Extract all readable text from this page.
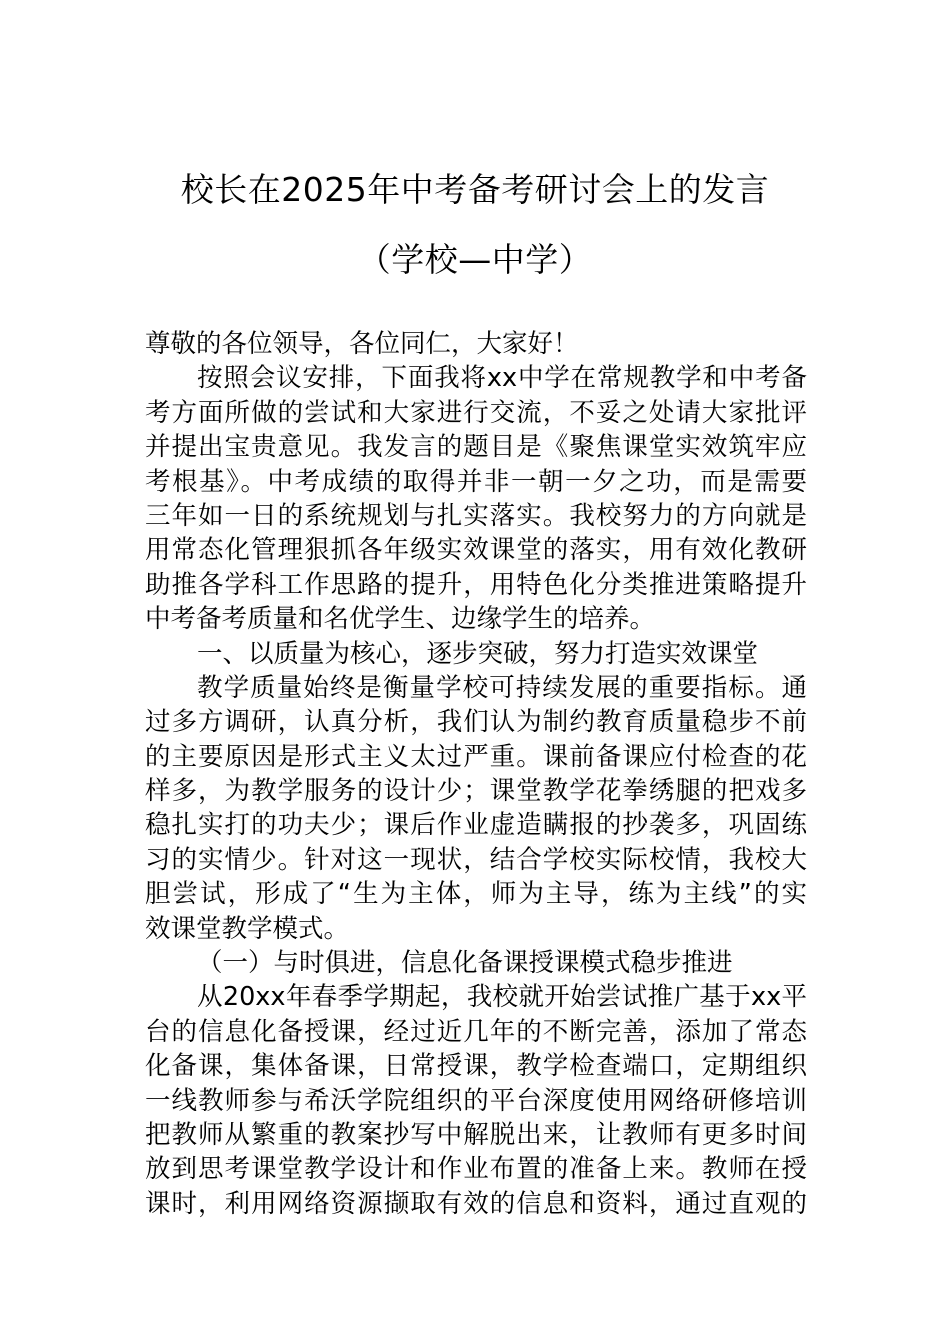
校长在2025年中考备考研讨会上的发言
（学校—中学）
尊敬的各位领导，各位同仁，大家好！
按照会议安排，下面我将xx中学在常规教学和中考备
考方面所做的尝试和大家进行交流，不妥之处请大家批评
并提出宝贵意见。我发言的题目是《聚焦课堂实效筑牢应
考根基》。中考成绩的取得并非一朝一夕之功，而是需要
三年如一日的系统规划与扎实落实。我校努力的方向就是
用常态化管理狠抓各年级实效课堂的落实，用有效化教研
助推各学科工作思路的提升，用特色化分类推进策略提升
中考备考质量和名优学生、边缘学生的培养。
一、以质量为核心，逐步突破，努力打造实效课堂
教学质量始终是衡量学校可持续发展的重要指标。通
过多方调研，认真分析，我们认为制约教育质量稳步不前
的主要原因是形式主义太过严重。课前备课应付检查的花
样多，为教学服务的设计少；课堂教学花拳绣腿的把戏多
稳扎实打的功夫少；课后作业虚造瞒报的抄袭多，巩固练
习的实情少。针对这一现状，结合学校实际校情，我校大
胆尝试，形成了“生为主体，师为主导，练为主线”的实
效课堂教学模式。
（一）与时俱进，信息化备课授课模式稳步推进
从20xx年春季学期起，我校就开始尝试推广基于xx平
台的信息化备授课，经过近几年的不断完善，添加了常态
化备课，集体备课，日常授课，教学检查端口，定期组织
一线教师参与希沃学院组织的平台深度使用网络研修培训
把教师从繁重的教案抄写中解脱出来，让教师有更多时间
放到思考课堂教学设计和作业布置的准备上来。教师在授
课时，利用网络资源撷取有效的信息和资料，通过直观的
